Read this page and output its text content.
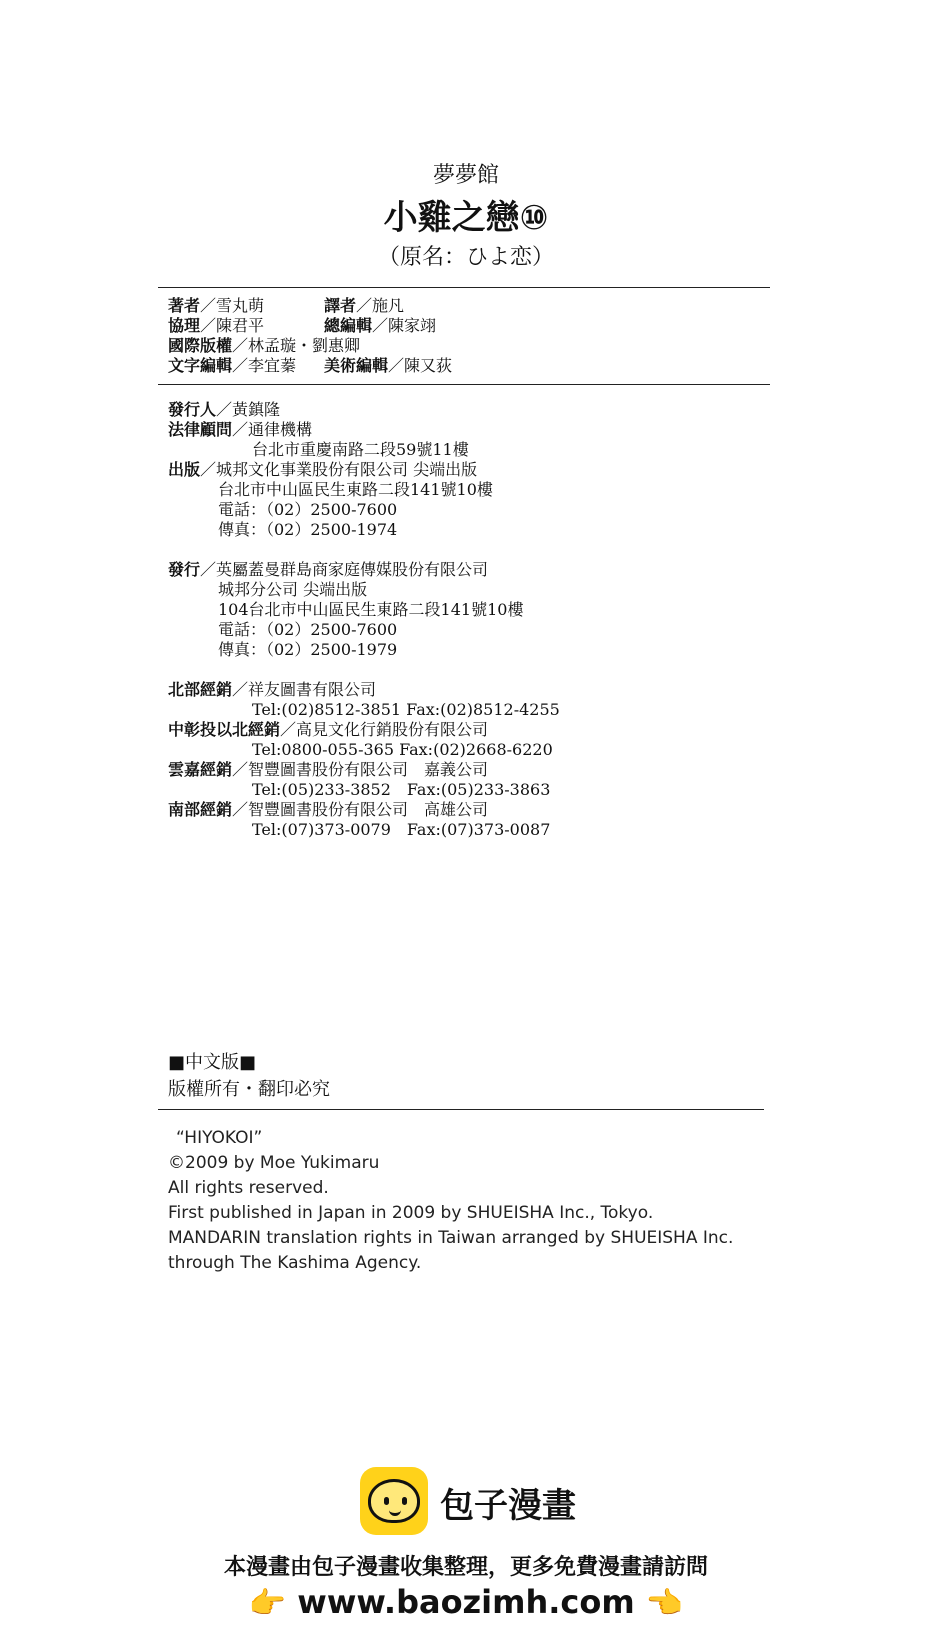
夢夢館
小雞之戀⑩
（原名：ひよ恋）
著者／雪丸萌	譯者／施凡
協理／陳君平	總編輯／陳家翊
國際版權／林孟璇・劉惠卿
文字編輯／李宜蓁 美術編輯／陳又荻
發行人／黃鎮隆
法律顧問／通律機構
台北市重慶南路二段59號11樓
出版／城邦文化事業股份有限公司 尖端出版
台北市中山區民生東路二段141號10樓
電話：（02）2500-7600
傳真：（02）2500-1974
發行／英屬蓋曼群島商家庭傳媒股份有限公司
城邦分公司 尖端出版
104台北市中山區民生東路二段141號10樓
電話：（02）2500-7600
傳真：（02）2500-1979
北部經銷／祥友圖書有限公司
Tel:(02)8512-3851 Fax:(02)8512-4255
中彰投以北經銷／高見文化行銷股份有限公司
Tel:0800-055-365 Fax:(02)2668-6220
雲嘉經銷／智豐圖書股份有限公司　嘉義公司
Tel:(05)233-3852　Fax:(05)233-3863
南部經銷／智豐圖書股份有限公司　高雄公司
Tel:(07)373-0079　Fax:(07)373-0087
■中文版■
版權所有・翻印必究
“HIYOKOI”
©2009 by Moe Yukimaru
All rights reserved.
First published in Japan in 2009 by SHUEISHA Inc., Tokyo.
MANDARIN translation rights in Taiwan arranged by SHUEISHA Inc.
through The Kashima Agency.
包子漫畫
本漫畫由包子漫畫收集整理，更多免費漫畫請訪問
👉 www.baozimh.com 👈
